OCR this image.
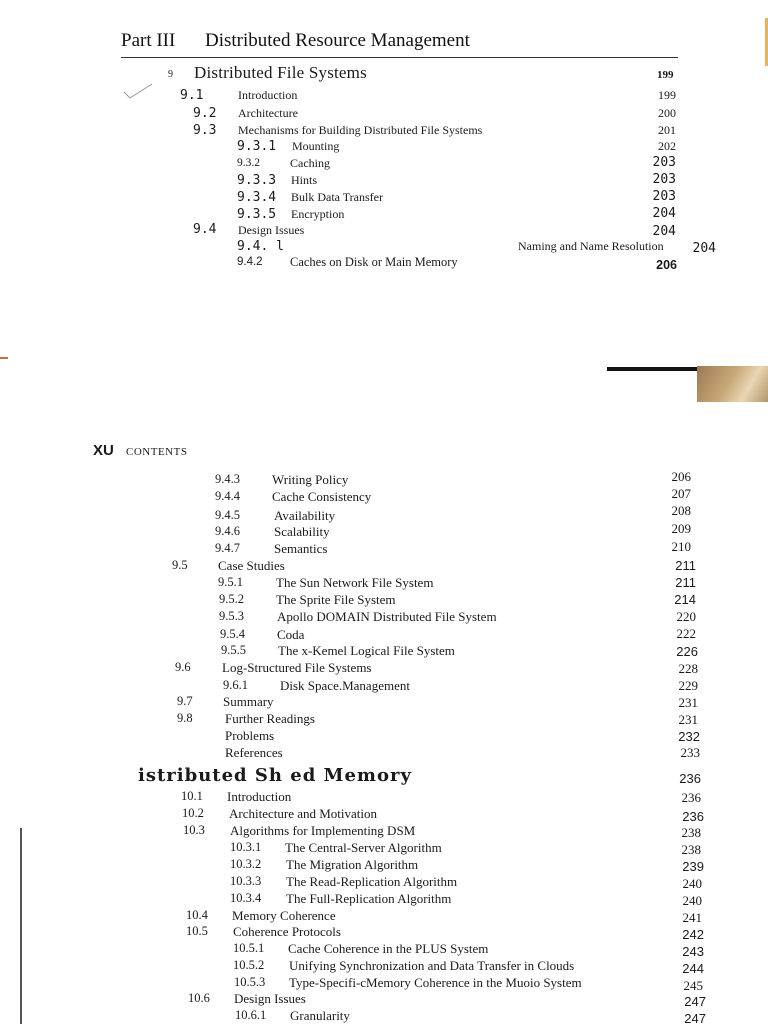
Part III Distributed Resource Management
9 Distributed File Systems	199
9.1	Introduction	199
9.2 Architecture	200
9.3 Mechanisms for Building Distributed File Systems	201
9.3.1 Mounting	202
9.3.2	Caching	203
9.3.3 Hints	203
9.3.4 Bulk Data Transfer	203
9.3.5 Encryption	204
9.4 Design Issues	204
9.4. l	Naming and Name Resolution 204
9.4.2 Caches on Disk or Main Memory	206
XU CONTENTS
9.4.3 Writing Policy	206
9.4.4 Cache Consistency	207
9.4.5	Availability	208
9.4.6	Scalability	209
9.4.7	Semantics	210
9.5 Case Studies	211
9.5.1	The Sun Network File System	211
9.5.2 The Sprite File System	214
9.5.3	Apollo DOMAIN Distributed File System	220
9.5.4 Coda	222
9.5.5 The x-Kemel Logical File System	226
9.6 Log-Structured File Systems	228
9.6.1 Disk Space.Management	229
9.7 Summary	231
9.8 Further Readings	231
Problems	232
References	233
istributed Sh ed Memory	236
10.1 Introduction	236
10.2 Architecture and Motivation	236
10.3 Algorithms for Implementing DSM	238
10.3.1 The Central-Server Algorithm	238
10.3.2 The Migration Algorithm	239
10.3.3 The Read-Replication Algorithm	240
10.3.4 The Full-Replication Algorithm	240
10.4 Memory Coherence	241
10.5 Coherence Protocols	242
10.5.1 Cache Coherence in the PLUS System	243
10.5.2 Unifying Synchronization and Data Transfer in Clouds	244
10.5.3 Type-Specifi-cMemory Coherence in the Muoio System	245
10.6 Design Issues	247
10.6.1 Granularity	247
